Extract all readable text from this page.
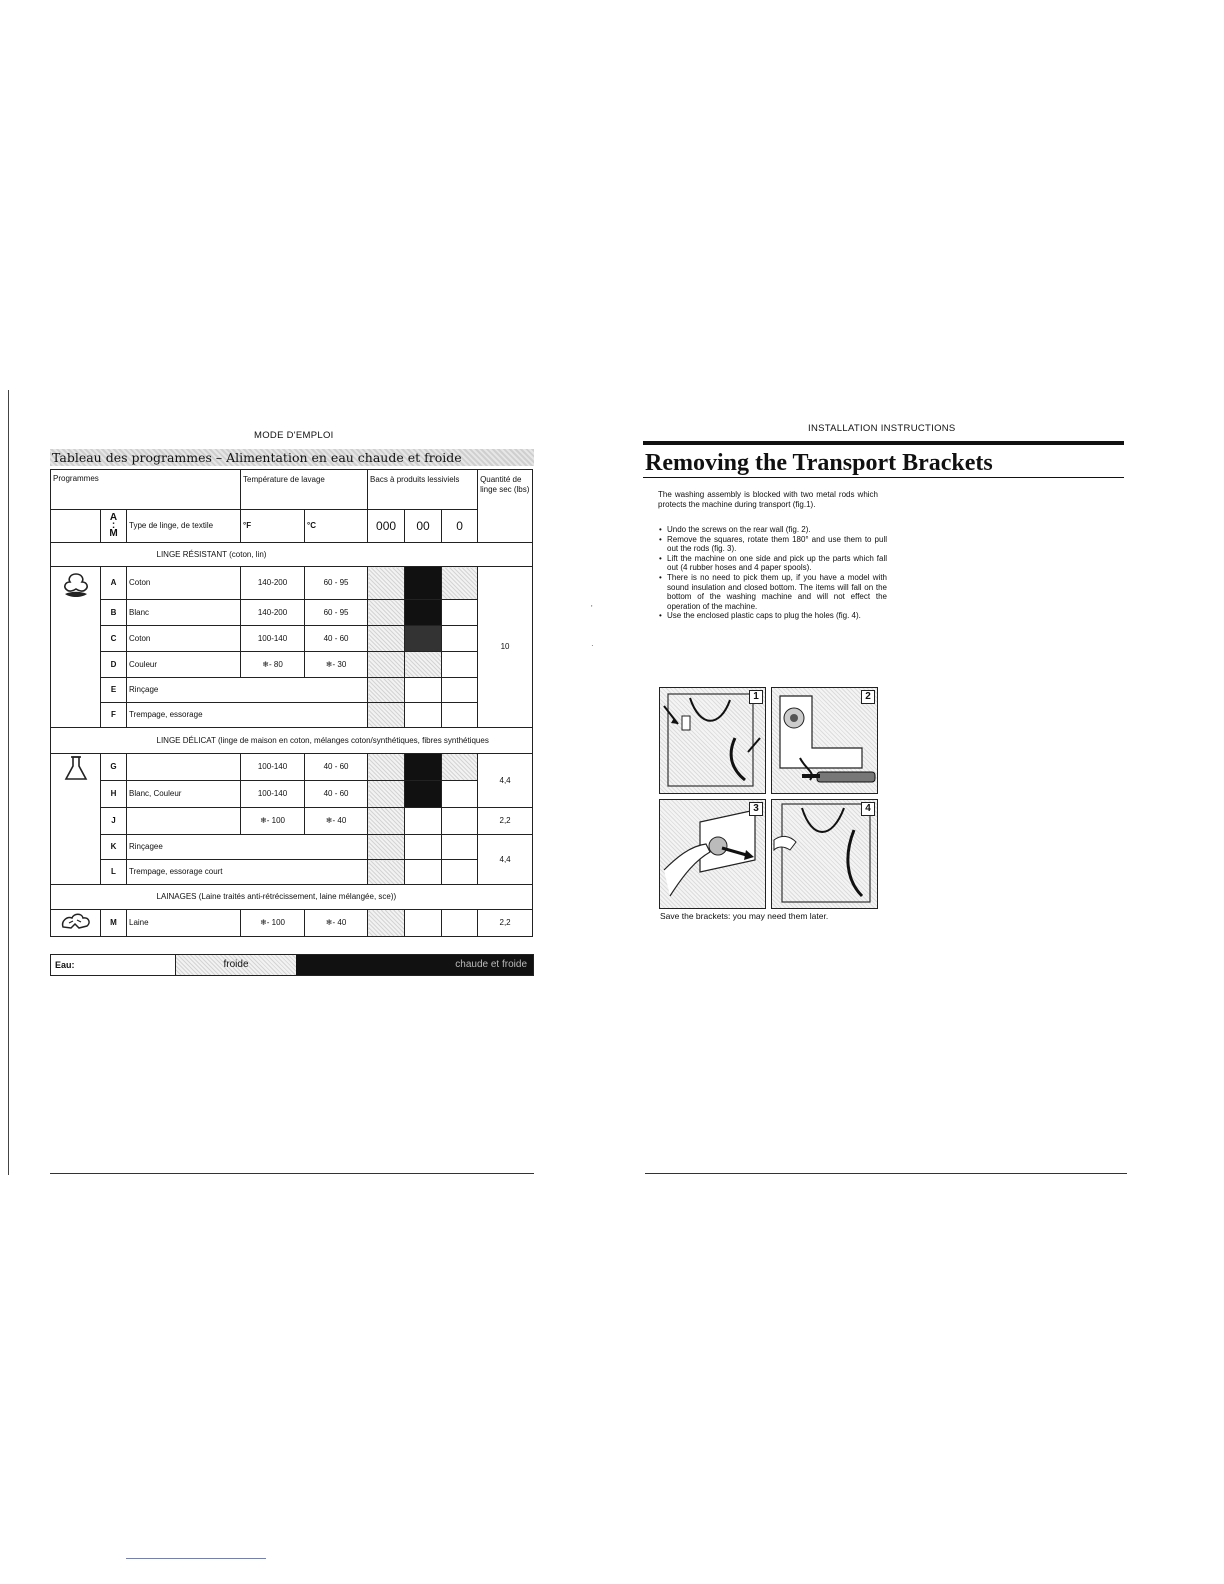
MODE D'EMPLOI
Tableau des programmes – Alimentation en eau chaude et froide
Programmes			Température de lavage		Bacs à produits lessiviels			Quantité de linge sec (lbs)

	A
:
M	Type de linge, de textile	°F	°C	000	00	0	
	LINGE RÉSISTANT (coton, lin)							
	A	Coton	140-200	60 - 95				10
	B	Blanc	140-200	60 - 95				
	C	Coton	100-140	40 - 60				
	D	Couleur	❄- 80	❄- 30				
	E	Rinçage						
	F	Trempage, essorage						
	LINGE DÉLICAT (linge de maison en coton, mélanges coton/synthétiques, fibres synthétiques							
	G		100-140	40 - 60				4,4
	H	Blanc, Couleur	100-140	40 - 60				
	J		❄- 100	❄- 40				2,2
	K	Rinçagee						4,4
	L	Trempage, essorage court						
	LAINAGES (Laine traités anti-rétrécissement, laine mélangée, sce))							
	M	Laine	❄- 100	❄- 40				2,2
Eau:	froide	chaude et froide
INSTALLATION INSTRUCTIONS
Removing the Transport Brackets
The washing assembly is blocked with two metal rods which protects the machine during transport (fig.1).
• Undo the screws on the rear wall (fig. 2).
• Remove the squares, rotate them 180° and use them to pull out the rods (fig. 3).
• Lift the machine on one side and pick up the parts which fall out (4 rubber hoses and 4 paper spools).
• There is no need to pick them up, if you have a model with sound insulation and closed bottom. The items will fall on the bottom of the washing machine and will not effect the operation of the machine.
• Use the enclosed plastic caps to plug the holes (fig. 4).
1	2
3	4
Save the brackets: you may need them later.
'
·
